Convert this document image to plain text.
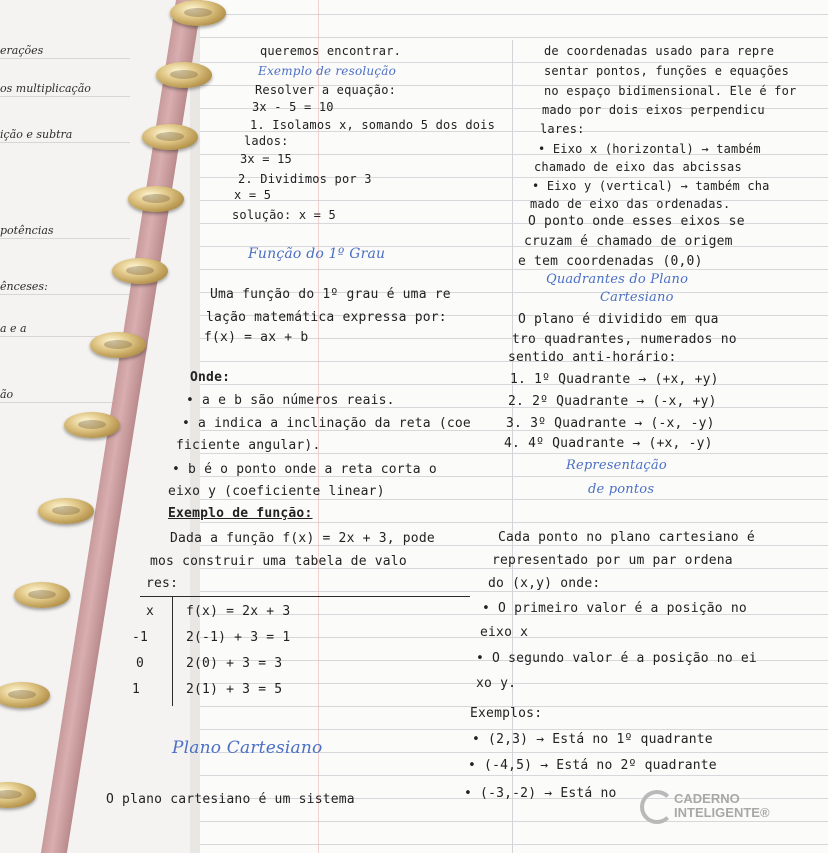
erações
os multiplicação
ição e subtra
potências
ênceses:
a e a
ão
queremos encontrar.
Exemplo de resolução
Resolver a equação:
3x - 5 = 10
1. Isolamos x, somando 5 dos dois
lados:
3x = 15
2. Dividimos por 3
x = 5
solução: x = 5
Função do 1º Grau
Uma função do 1º grau é uma re
lação matemática expressa por:
f(x) = ax + b
Onde:
• a e b são números reais.
• a indica a inclinação da reta (coe
ficiente angular).
• b é o ponto onde a reta corta o
eixo y (coeficiente linear)
Exemplo de função:
Dada a função f(x) = 2x + 3, pode
mos construir uma tabela de valo
res:
x f(x) = 2x + 3
-1	2(-1) + 3 = 1
0	2(0) + 3 = 3
1	2(1) + 3 = 5
Plano Cartesiano
O plano cartesiano é um sistema
de coordenadas usado para repre
sentar pontos, funções e equações
no espaço bidimensional. Ele é for
mado por dois eixos perpendicu
lares:
• Eixo x (horizontal) → também
chamado de eixo das abcissas
• Eixo y (vertical) → também cha
mado de eixo das ordenadas.
O ponto onde esses eixos se
cruzam é chamado de origem
e tem coordenadas (0,0)
Quadrantes do Plano
Cartesiano
O plano é dividido em qua
tro quadrantes, numerados no
sentido anti-horário:
1. 1º Quadrante → (+x, +y)
2. 2º Quadrante → (-x, +y)
3. 3º Quadrante → (-x, -y)
4. 4º Quadrante → (+x, -y)
Representação
de pontos
Cada ponto no plano cartesiano é
representado por um par ordena
do (x,y) onde:
• O primeiro valor é a posição no
eixo x
• O segundo valor é a posição no ei
xo y.
Exemplos:
• (2,3) → Está no 1º quadrante
• (-4,5) → Está no 2º quadrante
• (-3,-2) → Está no	CADERNO
INTELIGENTE®
